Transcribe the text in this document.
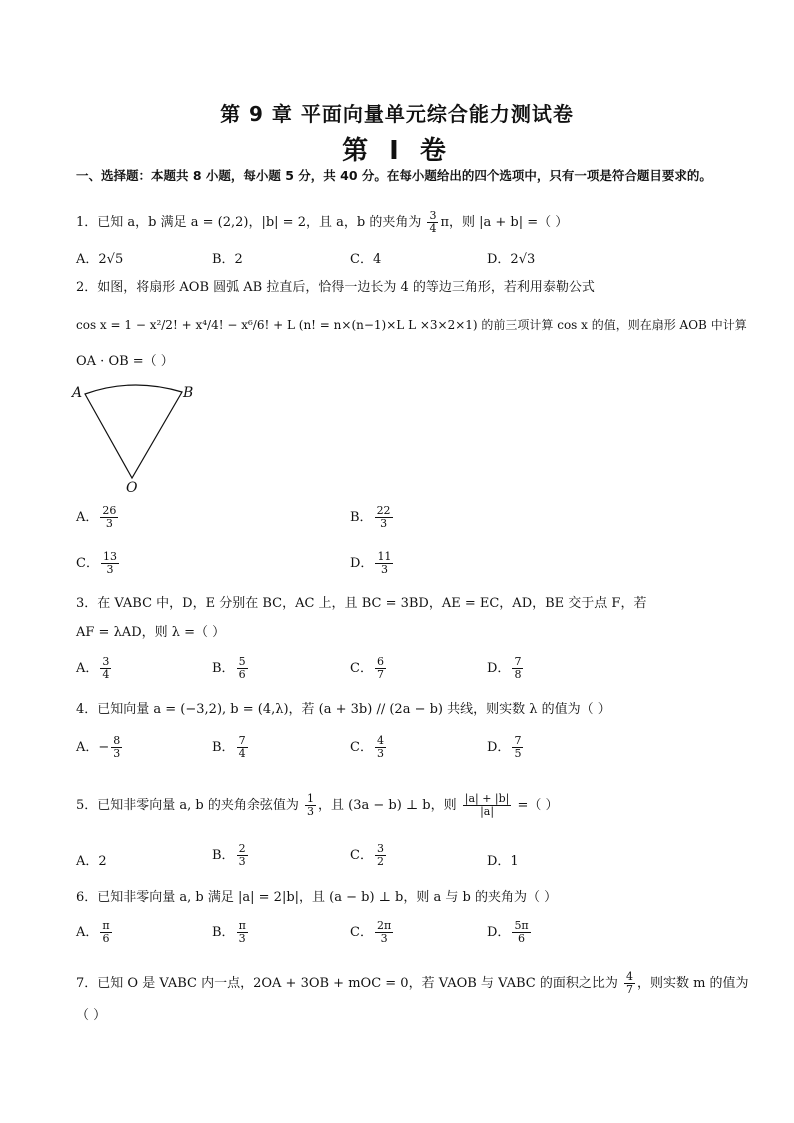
第 9 章 平面向量单元综合能力测试卷
第 I 卷
一、选择题：本题共 8 小题，每小题 5 分，共 40 分。在每小题给出的四个选项中，只有一项是符合题目要求的。
1．已知 a，b 满足 a = (2,2)，|b| = 2，且 a，b 的夹角为 $\frac{3}{4}$ π，则 |a + b| =（ ）
A．2√5	B．2	C．4	D．2√3
2．如图，将扇形 AOB 圆弧 AB 拉直后，恰得一边长为 4 的等边三角形，若利用泰勒公式
cos x = 1 − x²/2! + x⁴/4! − x⁶/6! + L (n! = n×(n−1)×L L ×3×2×1) 的前三项计算 cos x 的值，则在扇形 AOB 中计算
OA · OB =（ ）
A	B
O
A． $\frac{26}{3}$	B． $\frac{22}{3}$
C． $\frac{13}{3}$	D． $\frac{11}{3}$
3．在 VABC 中，D，E 分别在 BC，AC 上，且 BC = 3BD，AE = EC，AD，BE 交于点 F，若
AF = λAD，则 λ =（ ）
A． $\frac{3}{4}$	B． $\frac{5}{6}$	C． $\frac{6}{7}$	D． $\frac{7}{8}$
4．已知向量 a = (−3,2), b = (4,λ)，若 (a + 3b) // (2a − b) 共线，则实数 λ 的值为（ ）
A．− $\frac{8}{3}$	B． $\frac{7}{4}$	C． $\frac{4}{3}$	D． $\frac{7}{5}$
5．已知非零向量 a, b 的夹角余弦值为 $\frac{1}{3}$ ，且 (3a − b) ⊥ b，则 $\frac{|a| + |b|}{|a|}$ =（ ）
A．2	B． $\frac{2}{3}$	C． $\frac{3}{2}$	D．1
6．已知非零向量 a, b 满足 |a| = 2|b|，且 (a − b) ⊥ b，则 a 与 b 的夹角为（ ）
A． $\frac{\pi}{6}$	B． $\frac{\pi}{3}$	C． $\frac{2\pi}{3}$	D． $\frac{5\pi}{6}$
7．已知 O 是 VABC 内一点，2OA + 3OB + mOC = 0，若 VAOB 与 VABC 的面积之比为 $\frac{4}{7}$ ，则实数 m 的值为
（ ）
